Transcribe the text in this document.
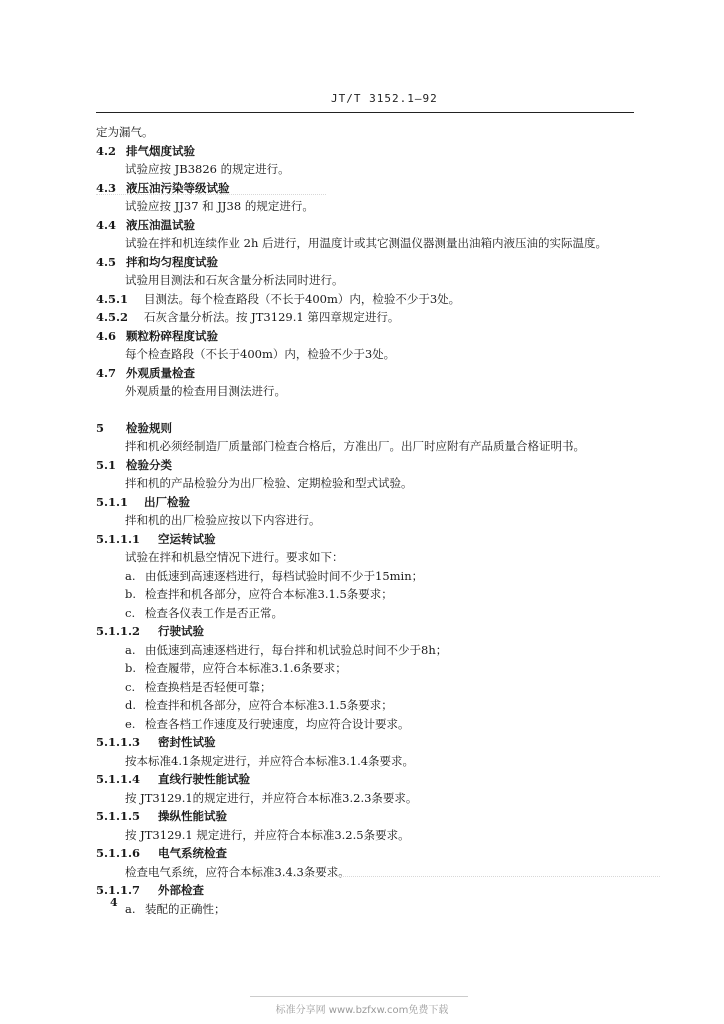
JT/T 3152.1—92
定为漏气。
4.2 排气烟度试验
试验应按 JB3826 的规定进行。
4.3 液压油污染等级试验
试验应按 JJ37 和 JJ38 的规定进行。
4.4 液压油温试验
试验在拌和机连续作业 2h 后进行，用温度计或其它测温仪器测量出油箱内液压油的实际温度。
4.5 拌和均匀程度试验
试验用目测法和石灰含量分析法同时进行。
4.5.1 目测法。每个检查路段（不长于400m）内，检验不少于3处。
4.5.2 石灰含量分析法。按 JT3129.1 第四章规定进行。
4.6 颗粒粉碎程度试验
每个检查路段（不长于400m）内，检验不少于3处。
4.7 外观质量检查
外观质量的检查用目测法进行。
5 检验规则
拌和机必须经制造厂质量部门检查合格后，方准出厂。出厂时应附有产品质量合格证明书。
5.1 检验分类
拌和机的产品检验分为出厂检验、定期检验和型式试验。
5.1.1 出厂检验
拌和机的出厂检验应按以下内容进行。
5.1.1.1 空运转试验
试验在拌和机悬空情况下进行。要求如下：
a. 由低速到高速逐档进行，每档试验时间不少于15min；
b. 检查拌和机各部分，应符合本标准3.1.5条要求；
c. 检查各仪表工作是否正常。
5.1.1.2 行驶试验
a. 由低速到高速逐档进行，每台拌和机试验总时间不少于8h；
b. 检查履带，应符合本标准3.1.6条要求；
c. 检查换档是否轻便可靠；
d. 检查拌和机各部分，应符合本标准3.1.5条要求；
e. 检查各档工作速度及行驶速度，均应符合设计要求。
5.1.1.3 密封性试验
按本标准4.1条规定进行，并应符合本标准3.1.4条要求。
5.1.1.4 直线行驶性能试验
按 JT3129.1的规定进行，并应符合本标准3.2.3条要求。
5.1.1.5 操纵性能试验
按 JT3129.1 规定进行，并应符合本标准3.2.5条要求。
5.1.1.6 电气系统检查
检查电气系统，应符合本标准3.4.3条要求。
5.1.1.7 外部检查
a. 装配的正确性；
4
标准分享网 www.bzfxw.com免费下载
